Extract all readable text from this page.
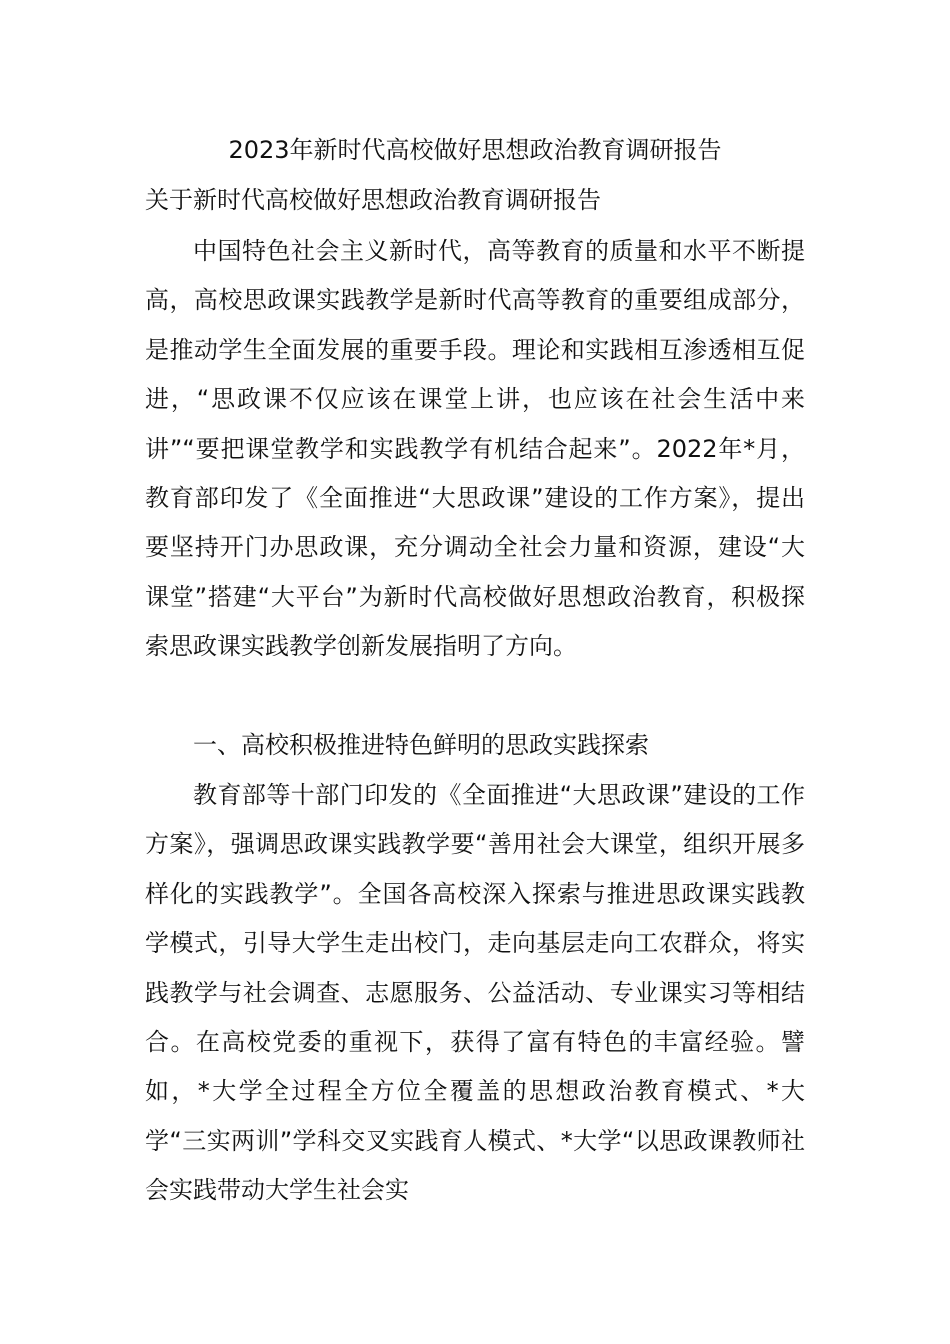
2023年新时代高校做好思想政治教育调研报告
关于新时代高校做好思想政治教育调研报告

中国特色社会主义新时代，高等教育的质量和水平不断提高，高校思政课实践教学是新时代高等教育的重要组成部分，是推动学生全面发展的重要手段。理论和实践相互渗透相互促进，“思政课不仅应该在课堂上讲，也应该在社会生活中来讲”“要把课堂教学和实践教学有机结合起来”。2022年*月，教育部印发了《全面推进“大思政课”建设的工作方案》，提出要坚持开门办思政课，充分调动全社会力量和资源，建设“大课堂”搭建“大平台”为新时代高校做好思想政治教育，积极探索思政课实践教学创新发展指明了方向。

一、高校积极推进特色鲜明的思政实践探索

教育部等十部门印发的《全面推进“大思政课”建设的工作方案》，强调思政课实践教学要“善用社会大课堂，组织开展多样化的实践教学”。全国各高校深入探索与推进思政课实践教学模式，引导大学生走出校门，走向基层走向工农群众，将实践教学与社会调查、志愿服务、公益活动、专业课实习等相结合。在高校党委的重视下，获得了富有特色的丰富经验。譬如，*大学全过程全方位全覆盖的思想政治教育模式、*大学“三实两训”学科交叉实践育人模式、*大学“以思政课教师社会实践带动大学生社会实
